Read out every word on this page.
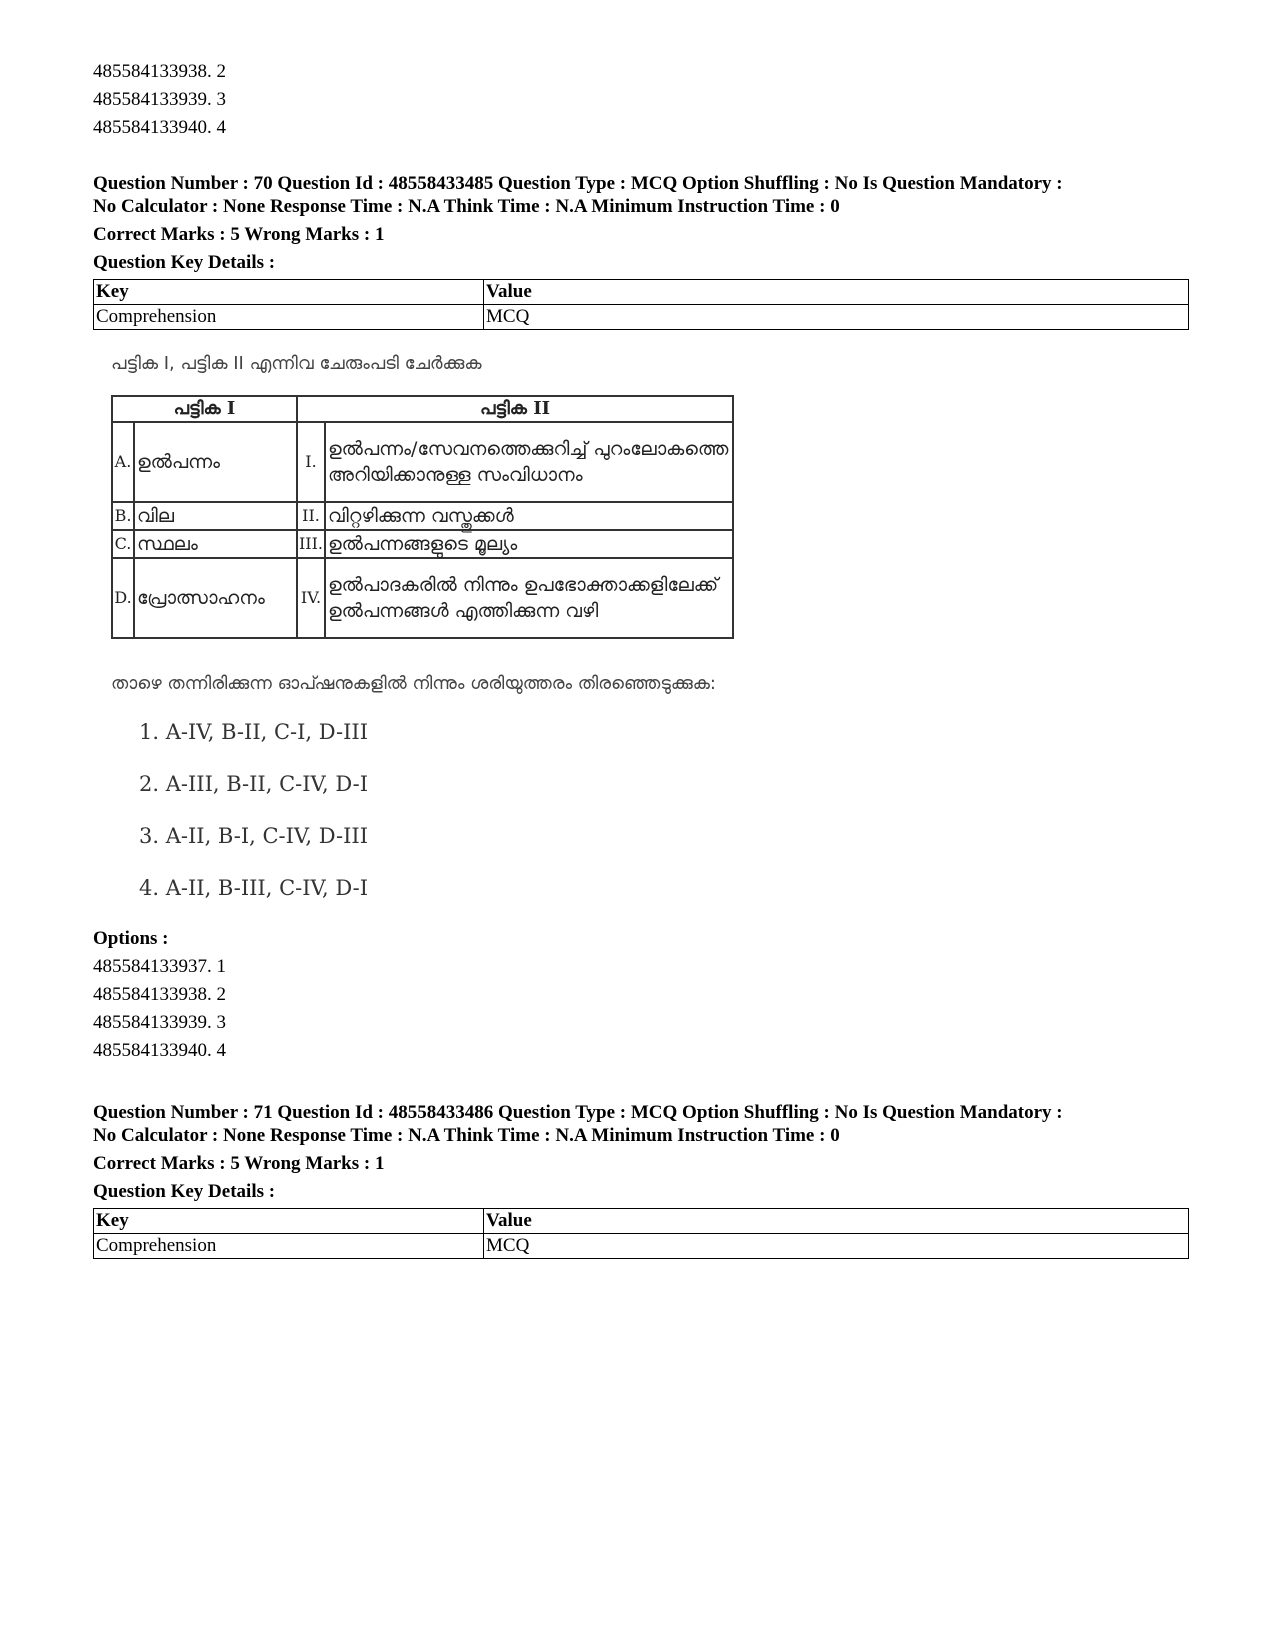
485584133938. 2
485584133939. 3
485584133940. 4

Question Number : 70 Question Id : 48558433485 Question Type : MCQ Option Shuffling : No Is Question Mandatory :

No Calculator : None Response Time : N.A Think Time : N.A Minimum Instruction Time : 0

Correct Marks : 5 Wrong Marks : 1
Question Key Details :
Key	Value
Comprehension	MCQ
പട്ടിക I, പട്ടിക II എന്നിവ ചേരുംപടി ചേർക്കുക
പട്ടിക I		പട്ടിക II	
A.	ഉൽപന്നം	I.	ഉൽപന്നം/സേവനത്തെക്കുറിച്ച് പുറംലോകത്തെ അറിയിക്കാനുള്ള സംവിധാനം
B.	വില	II.	വിറ്റഴിക്കുന്ന വസ്തുക്കൾ
C.	സ്ഥലം	III.	ഉൽപന്നങ്ങളുടെ മൂല്യം
D.	പ്രോത്സാഹനം	IV.	ഉൽപാദകരിൽ നിന്നും ഉപഭോക്താക്കളിലേക്ക് ഉൽപന്നങ്ങൾ എത്തിക്കുന്ന വഴി
താഴെ തന്നിരിക്കുന്ന ഓപ്ഷനുകളിൽ നിന്നും ശരിയുത്തരം തിരഞ്ഞെടുക്കുക:
1. A-IV, B-II, C-I, D-III
2. A-III, B-II, C-IV, D-I
3. A-II, B-I, C-IV, D-III
4. A-II, B-III, C-IV, D-I
Options :
485584133937. 1
485584133938. 2
485584133939. 3
485584133940. 4

Question Number : 71 Question Id : 48558433486 Question Type : MCQ Option Shuffling : No Is Question Mandatory :

No Calculator : None Response Time : N.A Think Time : N.A Minimum Instruction Time : 0

Correct Marks : 5 Wrong Marks : 1
Question Key Details :
Key	Value
Comprehension	MCQ
